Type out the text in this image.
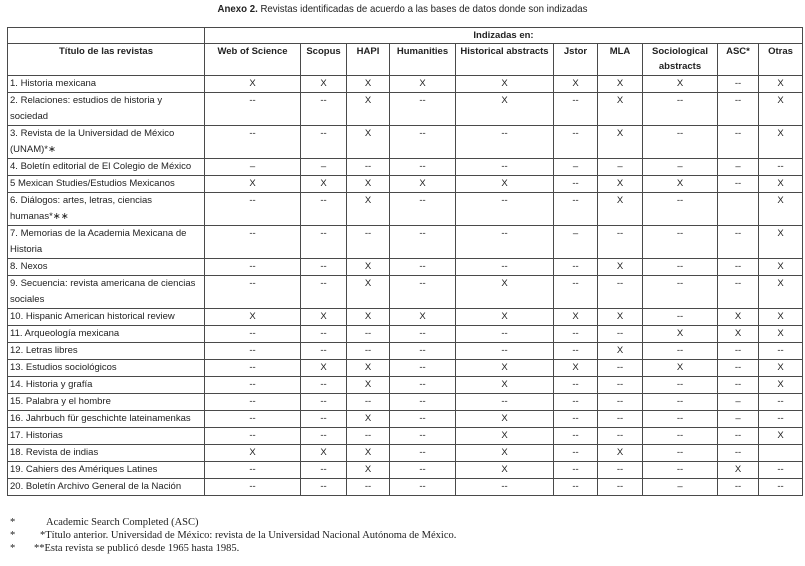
Anexo 2. Revistas identificadas de acuerdo a las bases de datos donde son indizadas
	Indizadas en:									
Título de las revistas	Web of Science	Scopus	HAPI	Humanities	Historical abstracts	Jstor	MLA	Sociological abstracts	ASC*	Otras
1. Historia mexicana	X	X	X	X	X	X	X	X	--	X
2. Relaciones: estudios de historia y sociedad	--	--	X	--	X	--	X	--	--	X
3. Revista de la Universidad de México (UNAM)*∗	--	--	X	--	--	--	X	--	--	X
4. Boletín editorial de El Colegio de México	–	–	--	--	--	–	–	–	–	--
5 Mexican Studies/Estudios Mexicanos	X	X	X	X	X	--	X	X	--	X
6. Diálogos: artes, letras, ciencias humanas*∗∗	--	--	X	--	--	--	X	--		X
7. Memorias de la Academia Mexicana de Historia	--	--	--	--	--	–	--	--	--	X
8. Nexos	--	--	X	--	--	--	X	--	--	X
9. Secuencia: revista americana de ciencias sociales	--	--	X	--	X	--	--	--	--	X
10. Hispanic American historical review	X	X	X	X	X	X	X	--	X	X
11. Arqueología mexicana	--	--	--	--	--	--	--	X	X	X
12. Letras libres	--	--	--	--	--	--	X	--	--	--
13. Estudios sociológicos	--	X	X	--	X	X	--	X	--	X
14. Historia y grafía	--	--	X	--	X	--	--	--	--	X
15. Palabra y el hombre	--	--	--	--	--	--	--	--	–	--
16. Jahrbuch für geschichte lateinamenkas	--	--	X	--	X	--	--	--	–	--
17. Historias	--	--	--	--	X	--	--	--	--	X
18. Revista de indias	X	X	X	--	X	--	X	--	--	
19. Cahiers des Amériques Latines	--	--	X	--	X	--	--	--	X	--
20. Boletín Archivo General de la Nación	--	--	--	--	--	--	--	–	--	--
*	Academic Search Completed (ASC)
* *Título anterior. Universidad de México: revista de la Universidad Nacional Autónoma de México.
* **Esta revista se publicó desde 1965 hasta 1985.
